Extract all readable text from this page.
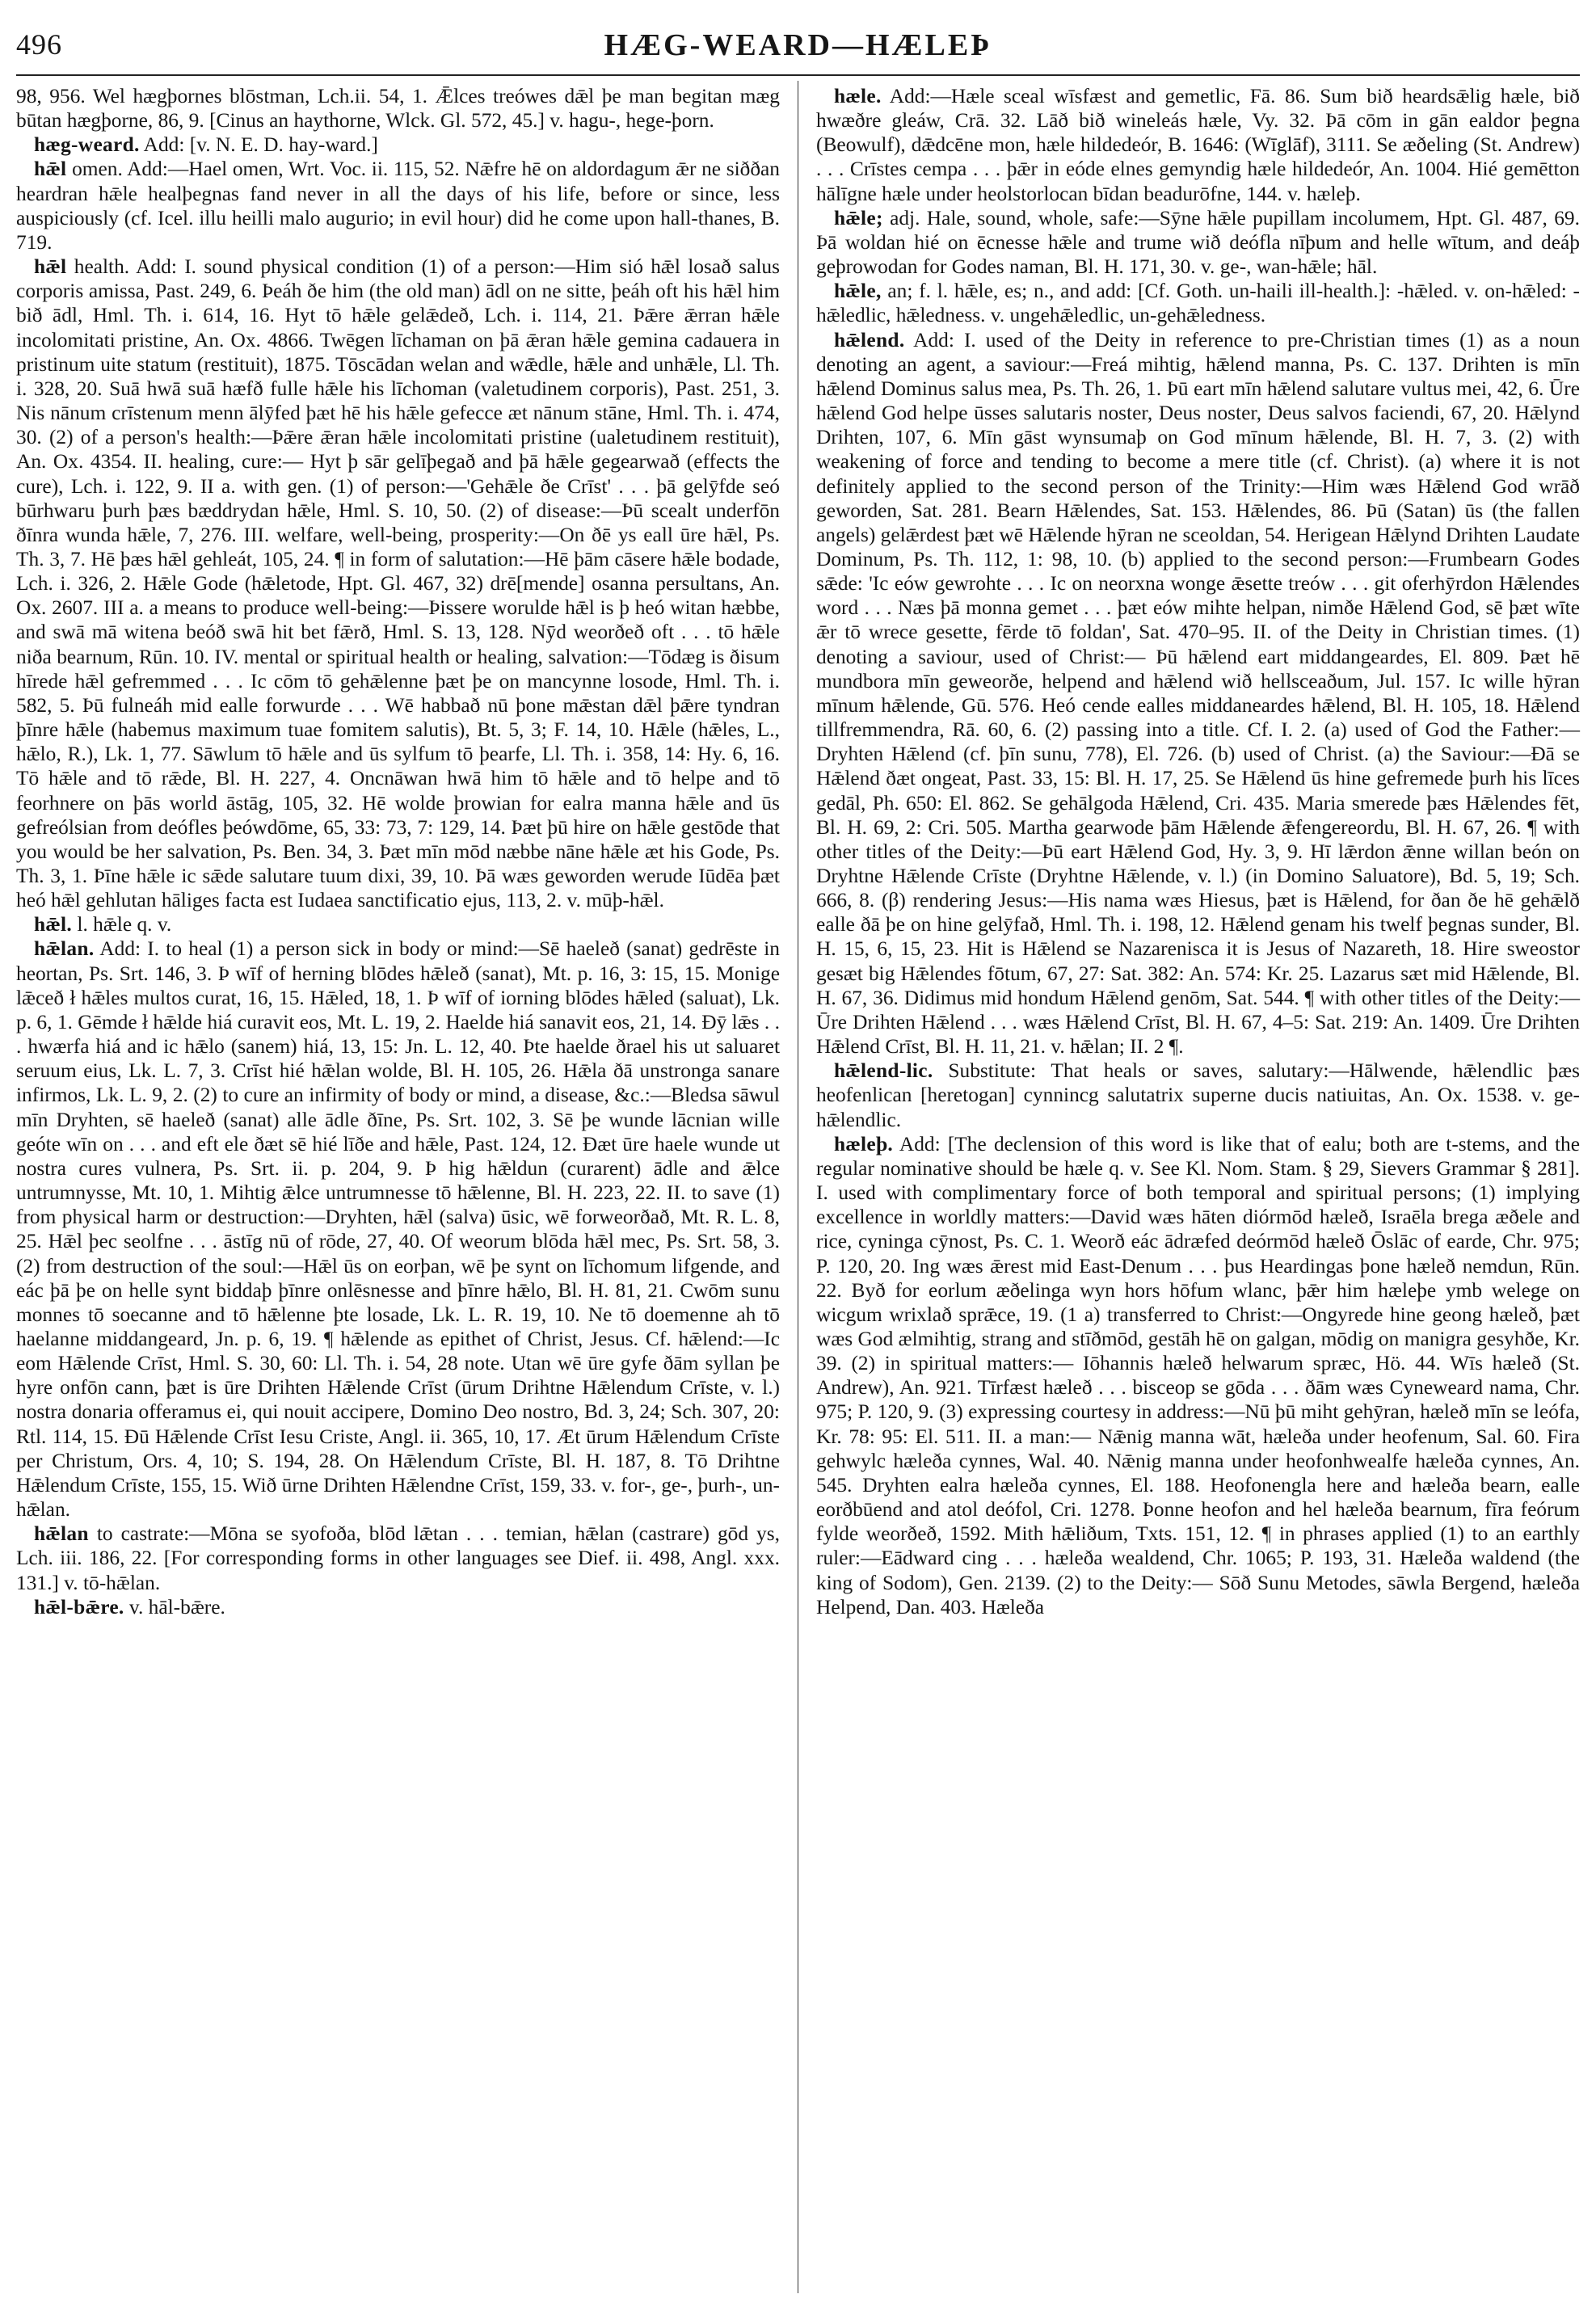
496	HÆG-WEARD—HÆLEÞ

98, 956. Wel hægþornes blōstman, Lch.ii. 54, 1. Ǣlces treówes dǣl þe man begitan mæg būtan hægþorne, 86, 9. [Cinus an haythorne, Wlck. Gl. 572, 45.] v. hagu-, hege-þorn.

hæg-weard. Add: [v. N. E. D. hay-ward.]

hǣl omen. Add:—Hael omen, Wrt. Voc. ii. 115, 52. Nǣfre hē on aldordagum ǣr ne siððan heardran hǣle healþegnas fand never in all the days of his life, before or since, less auspiciously (cf. Icel. illu heilli malo augurio; in evil hour) did he come upon hall-thanes, B. 719.

hǣl health. Add: I. sound physical condition (1) of a person:—Him sió hǣl losað salus corporis amissa, Past. 249, 6. Þeáh ðe him (the old man) ādl on ne sitte, þeáh oft his hǣl him bið ādl, Hml. Th. i. 614, 16. Hyt tō hǣle gelǣdeð, Lch. i. 114, 21. Þǣre ǣrran hǣle incolomitati pristine, An. Ox. 4866. Twēgen līchaman on þā ǣran hǣle gemina cadauera in pristinum uite statum (restituit), 1875. Tōscādan welan and wǣdle, hǣle and unhǣle, Ll. Th. i. 328, 20. Suā hwā suā hæfð fulle hǣle his līchoman (valetudinem corporis), Past. 251, 3. Nis nānum crīstenum menn ālȳfed þæt hē his hǣle gefecce æt nānum stāne, Hml. Th. i. 474, 30. (2) of a person's health:—Þǣre ǣran hǣle incolomitati pristine (ualetudinem restituit), An. Ox. 4354. II. healing, cure:— Hyt þ sār gelīþegað and þā hǣle gegearwað (effects the cure), Lch. i. 122, 9. II a. with gen. (1) of person:—'Gehǣle ðe Crīst' . . . þā gelȳfde seó būrhwaru þurh þæs bæddrydan hǣle, Hml. S. 10, 50. (2) of disease:—Þū scealt underfōn ðīnra wunda hǣle, 7, 276. III. welfare, well-being, prosperity:—On ðē ys eall ūre hǣl, Ps. Th. 3, 7. Hē þæs hǣl gehleát, 105, 24. ¶ in form of salutation:—Hē þām cāsere hǣle bodade, Lch. i. 326, 2. Hǣle Gode (hǣletode, Hpt. Gl. 467, 32) drē[mende] osanna persultans, An. Ox. 2607. III a. a means to produce well-being:—Þissere worulde hǣl is þ heó witan hæbbe, and swā mā witena beóð swā hit bet fǣrð, Hml. S. 13, 128. Nȳd weorðeð oft . . . tō hǣle niðа bearnum, Rūn. 10. IV. mental or spiritual health or healing, salvation:—Tōdæg is ðisum hīrede hǣl gefremmed . . . Ic cōm tō gehǣlenne þæt þe on mancynne losode, Hml. Th. i. 582, 5. Þū fulneáh mid ealle forwurde . . . Wē habbað nū þone mǣstan dǣl þǣre tyndran þīnre hǣle (habemus maximum tuae fomitem salutis), Bt. 5, 3; F. 14, 10. Hǣle (hǣles, L., hǣlo, R.), Lk. 1, 77. Sāwlum tō hǣle and ūs sylfum tō þearfe, Ll. Th. i. 358, 14: Hy. 6, 16. Tō hǣle and tō rǣde, Bl. H. 227, 4. Oncnāwan hwā him tō hǣle and tō helpe and tō feorhnere on þās world āstāg, 105, 32. Hē wolde þrowian for ealra manna hǣle and ūs gefreólsian from deófles þeówdōme, 65, 33: 73, 7: 129, 14. Þæt þū hire on hǣle gestōde that you would be her salvation, Ps. Ben. 34, 3. Þæt mīn mōd næbbe nāne hǣle æt his Gode, Ps. Th. 3, 1. Þīne hǣle ic sǣde salutare tuum dixi, 39, 10. Þā wæs geworden werude Iūdēa þæt heó hǣl gehlutan hāliges facta est Iudaea sanctificatio ejus, 113, 2. v. mūþ-hǣl.

hǣl. l. hǣle q. v.

hǣlan. Add: I. to heal (1) a person sick in body or mind:—Sē haeleð (sanat) gedrēste in heortan, Ps. Srt. 146, 3. Þ wīf of herning blōdes hǣleð (sanat), Mt. p. 16, 3: 15, 15. Monige lǣceð ł hǣles multos curat, 16, 15. Hǣled, 18, 1. Þ wīf of iorning blōdes hǣled (saluat), Lk. p. 6, 1. Gēmde ł hǣlde hiá curavit eos, Mt. L. 19, 2. Haelde hiá sanavit eos, 21, 14. Ðȳ lǣs . . . hwærfa hiá and ic hǣlo (sanem) hiá, 13, 15: Jn. L. 12, 40. Þte haelde ðrael his ut saluaret seruum eius, Lk. L. 7, 3. Crīst hié hǣlan wolde, Bl. H. 105, 26. Hǣla ðā unstronga sanare infirmos, Lk. L. 9, 2. (2) to cure an infirmity of body or mind, a disease, &c.:—Bledsa sāwul mīn Dryhten, sē haeleð (sanat) alle ādle ðīne, Ps. Srt. 102, 3. Sē þe wunde lācnian wille geóte wīn on . . . and eft ele ðæt sē hié līðe and hǣle, Past. 124, 12. Ðæt ūre haele wunde ut nostra cures vulnera, Ps. Srt. ii. p. 204, 9. Þ hig hǣldun (curarent) ādle and ǣlce untrumnysse, Mt. 10, 1. Mihtig ǣlce untrumnesse tō hǣlenne, Bl. H. 223, 22. II. to save (1) from physical harm or destruction:—Dryhten, hǣl (salva) ūsic, wē forweorðað, Mt. R. L. 8, 25. Hǣl þec seolfne . . . āstīg nū of rōde, 27, 40. Of weorum blōda hǣl mec, Ps. Srt. 58, 3. (2) from destruction of the soul:—Hǣl ūs on eorþan, wē þe synt on līchomum lifgende, and eác þā þe on helle synt biddaþ þīnre onlēsnesse and þīnre hǣlo, Bl. H. 81, 21. Cwōm sunu monnes tō soecanne and tō hǣlenne þte losade, Lk. L. R. 19, 10. Ne tō doemenne ah tō haelanne middangeard, Jn. p. 6, 19. ¶ hǣlende as epithet of Christ, Jesus. Cf. hǣlend:—Ic eom Hǣlende Crīst, Hml. S. 30, 60: Ll. Th. i. 54, 28 note. Utan wē ūre gyfe ðām syllan þe hyre onfōn cann, þæt is ūre Drihten Hǣlende Crīst (ūrum Drihtne Hǣlendum Crīste, v. l.) nostra donaria offeramus ei, qui nouit accipere, Domino Deo nostro, Bd. 3, 24; Sch. 307, 20: Rtl. 114, 15. Ðū Hǣlende Crīst Iesu Criste, Angl. ii. 365, 10, 17. Æt ūrum Hǣlendum Crīste per Christum, Ors. 4, 10; S. 194, 28. On Hǣlendum Crīste, Bl. H. 187, 8. Tō Drihtne Hǣlendum Crīste, 155, 15. Wið ūrne Drihten Hǣlendne Crīst, 159, 33. v. for-, ge-, þurh-, un-hǣlan.

hǣlan to castrate:—Mōna se syofoða, blōd lǣtan . . . temian, hǣlan (castrare) gōd ys, Lch. iii. 186, 22. [For corresponding forms in other languages see Dief. ii. 498, Angl. xxx. 131.] v. tō-hǣlan.

hǣl-bǣre. v. hāl-bǣre.

hæle. Add:—Hæle sceal wīsfæst and gemetlic, Fā. 86. Sum bið heardsǣlig hæle, bið hwæðre gleáw, Crā. 32. Lāð bið wineleás hæle, Vy. 32. Þā cōm in gān ealdor þegna (Beowulf), dǣdcēne mon, hæle hildedeór, B. 1646: (Wīglāf), 3111. Se æðeling (St. Andrew) . . . Crīstes cempa . . . þǣr in eóde elnes gemyndig hæle hildedeór, An. 1004. Hié gemētton hālīgne hæle under heolstorlocan bīdan beadurōfne, 144. v. hæleþ.

hǣle; adj. Hale, sound, whole, safe:—Sȳne hǣle pupillam incolumem, Hpt. Gl. 487, 69. Þā woldan hié on ēcnesse hǣle and trume wið deófla nīþum and helle wītum, and deáþ geþrowodan for Godes naman, Bl. H. 171, 30. v. ge-, wan-hǣle; hāl.

hǣle, an; f. l. hǣle, es; n., and add: [Cf. Goth. un-haili ill-health.]: -hǣled. v. on-hǣled: -hǣledlic, hǣledness. v. ungehǣledlic, un-gehǣledness.

hǣlend. Add: I. used of the Deity in reference to pre-Christian times (1) as a noun denoting an agent, a saviour:—Freá mihtig, hǣlend manna, Ps. C. 137. Drihten is mīn hǣlend Dominus salus mea, Ps. Th. 26, 1. Þū eart mīn hǣlend salutare vultus mei, 42, 6. Ūre hǣlend God helpe ūsses salutaris noster, Deus noster, Deus salvos faciendi, 67, 20. Hǣlynd Drihten, 107, 6. Mīn gāst wynsumaþ on God mīnum hǣlende, Bl. H. 7, 3. (2) with weakening of force and tending to become a mere title (cf. Christ). (a) where it is not definitely applied to the second person of the Trinity:—Him wæs Hǣlend God wrāð geworden, Sat. 281. Bearn Hǣlendes, Sat. 153. Hǣlendes, 86. Þū (Satan) ūs (the fallen angels) gelǣrdest þæt wē Hǣlende hȳran ne sceoldan, 54. Herigean Hǣlynd Drihten Laudate Dominum, Ps. Th. 112, 1: 98, 10. (b) applied to the second person:—Frumbearn Godes sǣde: 'Ic eów gewrohte . . . Ic on neorxna wonge ǣsette treów . . . git oferhȳrdon Hǣlendes word . . . Næs þā monna gemet . . . þæt eów mihte helpan, nimðe Hǣlend God, sē þæt wīte ǣr tō wrece gesette, fērde tō foldan', Sat. 470–95. II. of the Deity in Christian times. (1) denoting a saviour, used of Christ:— Þū hǣlend eart middangeardes, El. 809. Þæt hē mundbora mīn geweorðe, helpend and hǣlend wið hellsceaðum, Jul. 157. Ic wille hȳran mīnum hǣlende, Gū. 576. Heó cende ealles middaneardes hǣlend, Bl. H. 105, 18. Hǣlend tillfremmendra, Rā. 60, 6. (2) passing into a title. Cf. I. 2. (a) used of God the Father:—Dryhten Hǣlend (cf. þīn sunu, 778), El. 726. (b) used of Christ. (a) the Saviour:—Ðā se Hǣlend ðæt ongeat, Past. 33, 15: Bl. H. 17, 25. Se Hǣlend ūs hine gefremede þurh his līces gedāl, Ph. 650: El. 862. Se gehālgoda Hǣlend, Cri. 435. Maria smerede þæs Hǣlendes fēt, Bl. H. 69, 2: Cri. 505. Martha gearwode þām Hǣlende ǣfengereordu, Bl. H. 67, 26. ¶ with other titles of the Deity:—Þū eart Hǣlend God, Hy. 3, 9. Hī lǣrdon ǣnne willan beón on Dryhtne Hǣlende Crīste (Dryhtne Hǣlende, v. l.) (in Domino Saluatore), Bd. 5, 19; Sch. 666, 8. (β) rendering Jesus:—His nama wæs Hiesus, þæt is Hǣlend, for ðan ðe hē gehǣlð ealle ðā þe on hine gelȳfað, Hml. Th. i. 198, 12. Hǣlend genam his twelf þegnas sunder, Bl. H. 15, 6, 15, 23. Hit is Hǣlend se Nazarenisca it is Jesus of Nazareth, 18. Hire sweostor gesæt big Hǣlendes fōtum, 67, 27: Sat. 382: An. 574: Kr. 25. Lazarus sæt mid Hǣlende, Bl. H. 67, 36. Didimus mid hondum Hǣlend genōm, Sat. 544. ¶ with other titles of the Deity:—Ūre Drihten Hǣlend . . . wæs Hǣlend Crīst, Bl. H. 67, 4–5: Sat. 219: An. 1409. Ūre Drihten Hǣlend Crīst, Bl. H. 11, 21. v. hǣlan; II. 2 ¶.

hǣlend-lic. Substitute: That heals or saves, salutary:—Hālwende, hǣlendlic þæs heofenlican [heretogan] cynnincg salutatrix superne ducis natiuitas, An. Ox. 1538. v. ge-hǣlendlic.

hæleþ. Add: [The declension of this word is like that of ealu; both are t-stems, and the regular nominative should be hæle q. v. See Kl. Nom. Stam. § 29, Sievers Grammar § 281]. I. used with complimentary force of both temporal and spiritual persons; (1) implying excellence in worldly matters:—David wæs hāten diórmōd hæleð, Israēla brega æðele and rice, cyninga cȳnost, Ps. C. 1. Weorð eác ādræfed deórmōd hæleð Ōslāc of earde, Chr. 975; P. 120, 20. Ing wæs ǣrest mid East-Denum . . . þus Heardingas þone hæleð nemdun, Rūn. 22. Byð for eorlum æðelinga wyn hors hōfum wlanc, þǣr him hæleþe ymb welege on wicgum wrixlað sprǣce, 19. (1 a) transferred to Christ:—Ongyrede hine geong hæleð, þæt wæs God ælmihtig, strang and stīðmōd, gestāh hē on galgan, mōdig on manigra gesyhðe, Kr. 39. (2) in spiritual matters:— Iōhannis hæleð helwarum spræc, Hö. 44. Wīs hæleð (St. Andrew), An. 921. Tīrfæst hæleð . . . bisceop se gōda . . . ðām wæs Cyneweard nama, Chr. 975; P. 120, 9. (3) expressing courtesy in address:—Nū þū miht gehȳran, hæleð mīn se leófa, Kr. 78: 95: El. 511. II. a man:— Nǣnig manna wāt, hæleða under heofenum, Sal. 60. Fira gehwylc hæleða cynnes, Wal. 40. Nǣnig manna under heofonhwealfe hæleða cynnes, An. 545. Dryhten ealra hæleða cynnes, El. 188. Heofonengla here and hæleða bearn, ealle eorðbūend and atol deófol, Cri. 1278. Þonne heofon and hel hæleða bearnum, fīra feórum fylde weorðeð, 1592. Mith hǣliðum, Txts. 151, 12. ¶ in phrases applied (1) to an earthly ruler:—Eādward cing . . . hæleða wealdend, Chr. 1065; P. 193, 31. Hæleða waldend (the king of Sodom), Gen. 2139. (2) to the Deity:— Sōð Sunu Metodes, sāwla Bergend, hæleða Helpend, Dan. 403. Hæleða
